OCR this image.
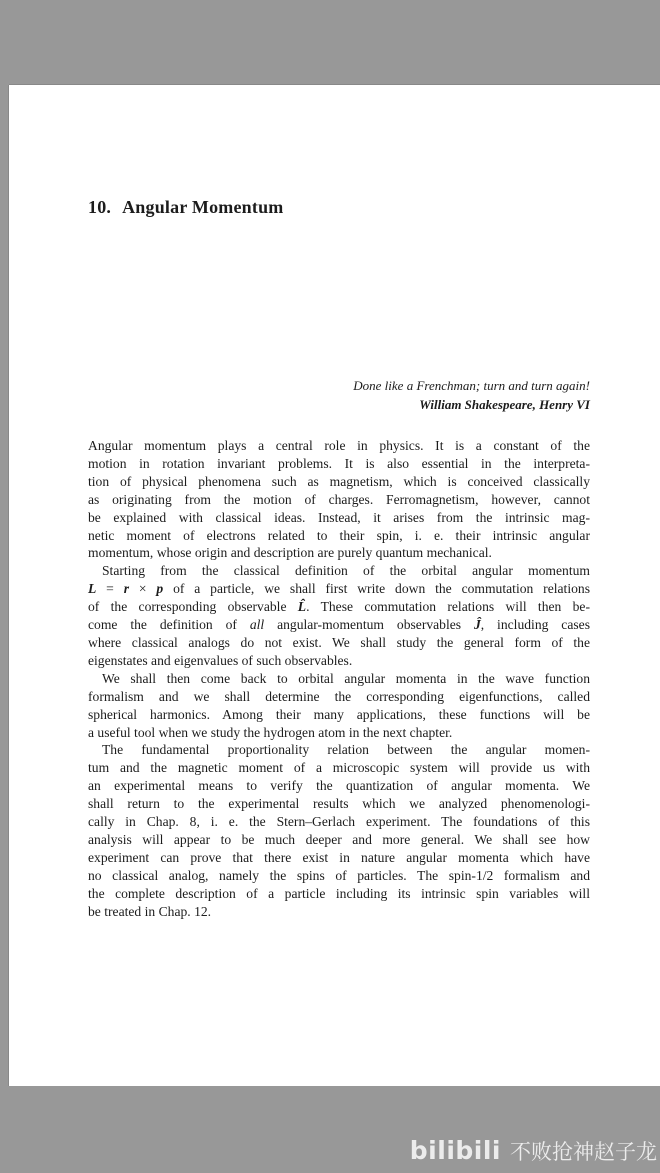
10. Angular Momentum
Done like a Frenchman; turn and turn again!
William Shakespeare, Henry VI
Angular momentum plays a central role in physics. It is a constant of the
motion in rotation invariant problems. It is also essential in the interpreta-
tion of physical phenomena such as magnetism, which is conceived classically
as originating from the motion of charges. Ferromagnetism, however, cannot
be explained with classical ideas. Instead, it arises from the intrinsic mag-
netic moment of electrons related to their spin, i. e. their intrinsic angular
momentum, whose origin and description are purely quantum mechanical.
Starting from the classical definition of the orbital angular momentum
L = r × p of a particle, we shall first write down the commutation relations
of the corresponding observable L̂. These commutation relations will then be-
come the definition of all angular-momentum observables Ĵ, including cases
where classical analogs do not exist. We shall study the general form of the
eigenstates and eigenvalues of such observables.
We shall then come back to orbital angular momenta in the wave function
formalism and we shall determine the corresponding eigenfunctions, called
spherical harmonics. Among their many applications, these functions will be
a useful tool when we study the hydrogen atom in the next chapter.
The fundamental proportionality relation between the angular momen-
tum and the magnetic moment of a microscopic system will provide us with
an experimental means to verify the quantization of angular momenta. We
shall return to the experimental results which we analyzed phenomenologi-
cally in Chap. 8, i. e. the Stern–Gerlach experiment. The foundations of this
analysis will appear to be much deeper and more general. We shall see how
experiment can prove that there exist in nature angular momenta which have
no classical analog, namely the spins of particles. The spin-1/2 formalism and
the complete description of a particle including its intrinsic spin variables will
be treated in Chap. 12.
bilibili 不败抢神赵子龙
